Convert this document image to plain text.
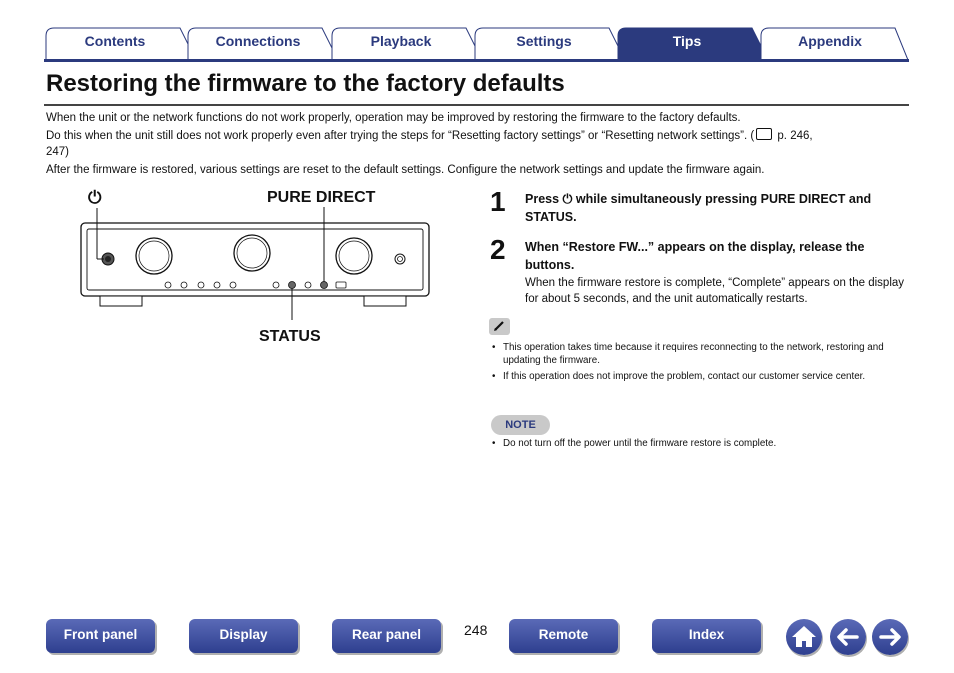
Contents	Connections	Playback	Settings	Tips	Appendix
Restoring the firmware to the factory defaults
When the unit or the network functions do not work properly, operation may be improved by restoring the firmware to the factory defaults.
Do this when the unit still does not work properly even after trying the steps for “Resetting factory settings” or “Resetting network settings”. ( p. 246,
247)
After the firmware is restored, various settings are reset to the default settings. Configure the network settings and update the firmware again.
⏻	PURE DIRECT
STATUS
1 Press ⏻ while simultaneously pressing PURE DIRECT and STATUS.
2 When “Restore FW...” appears on the display, release the buttons.
When the firmware restore is complete, “Complete” appears on the display for about 5 seconds, and the unit automatically restarts.
• This operation takes time because it requires reconnecting to the network, restoring and updating the firmware.
• If this operation does not improve the problem, contact our customer service center.
NOTE
• Do not turn off the power until the firmware restore is complete.
Front panel	Display	Rear panel	248	Remote	Index
